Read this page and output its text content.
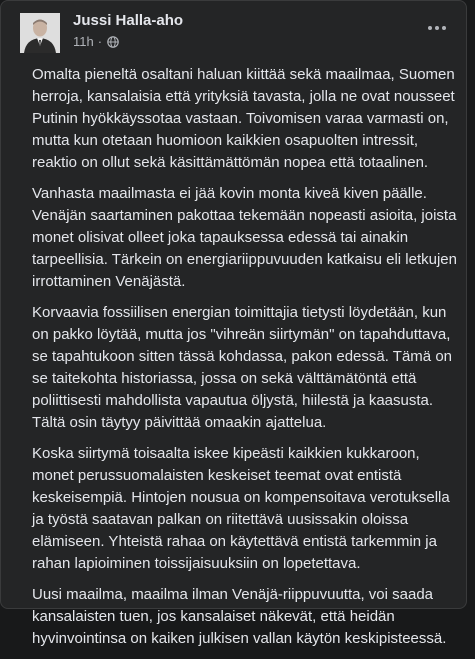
Jussi Halla-aho
11h ·

Omalta pieneltä osaltani haluan kiittää sekä maailmaa, Suomen herroja, kansalaisia että yrityksiä tavasta, jolla ne ovat nousseet Putinin hyökkäyssotaa vastaan. Toivomisen varaa varmasti on, mutta kun otetaan huomioon kaikkien osapuolten intressit, reaktio on ollut sekä käsittämättömän nopea että totaalinen.

Vanhasta maailmasta ei jää kovin monta kiveä kiven päälle. Venäjän saartaminen pakottaa tekemään nopeasti asioita, joista monet olisivat olleet joka tapauksessa edessä tai ainakin tarpeellisia. Tärkein on energiariippuvuuden katkaisu eli letkujen irrottaminen Venäjästä.

Korvaavia fossiilisen energian toimittajia tietysti löydetään, kun on pakko löytää, mutta jos "vihreän siirtymän" on tapahduttava, se tapahtukoon sitten tässä kohdassa, pakon edessä. Tämä on se taitekohta historiassa, jossa on sekä välttämätöntä että poliittisesti mahdollista vapautua öljystä, hiilestä ja kaasusta. Tältä osin täytyy päivittää omaakin ajattelua.

Koska siirtymä toisaalta iskee kipeästi kaikkien kukkaroon, monet perussuomalaisten keskeiset teemat ovat entistä keskeisempiä. Hintojen nousua on kompensoitava verotuksella ja työstä saatavan palkan on riitettävä uusissakin oloissa elämiseen. Yhteistä rahaa on käytettävä entistä tarkemmin ja rahan lapioiminen toissijaisuuksiin on lopetettava.

Uusi maailma, maailma ilman Venäjä-riippuvuutta, voi saada kansalaisten tuen, jos kansalaiset näkevät, että heidän hyvinvointinsa on kaiken julkisen vallan käytön keskipisteessä.
